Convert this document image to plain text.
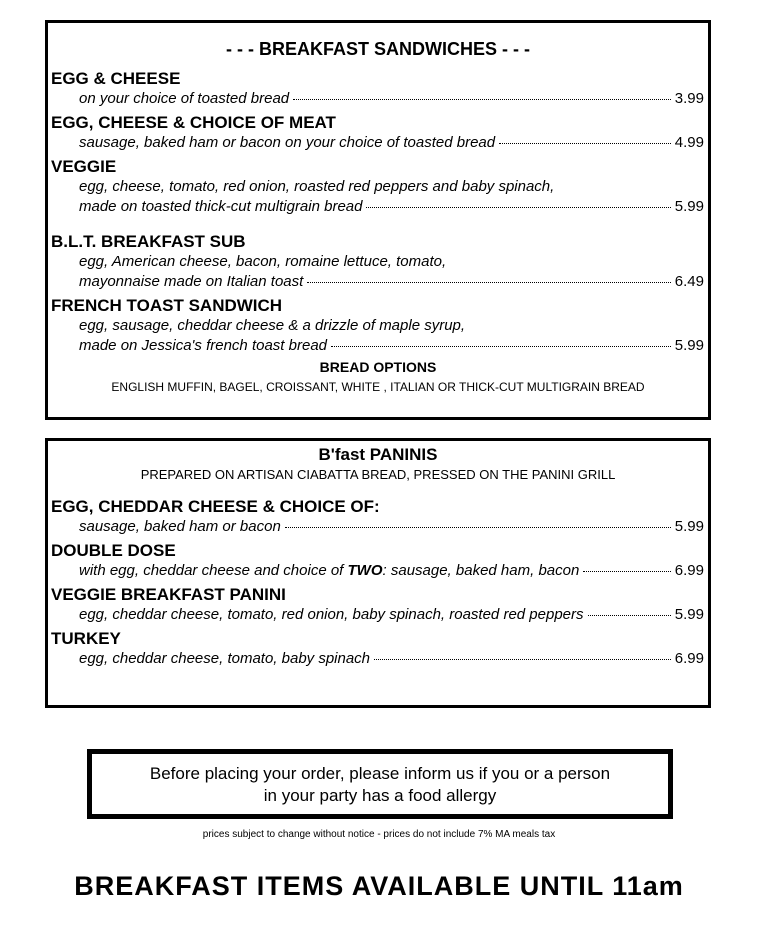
- - - BREAKFAST SANDWICHES - - -
EGG & CHEESE
on your choice of toasted bread	3.99
EGG, CHEESE & CHOICE OF MEAT
sausage, baked ham or bacon on your choice of toasted bread	4.99
VEGGIE
egg, cheese, tomato, red onion, roasted red peppers and baby spinach,
made on toasted thick-cut multigrain bread	5.99
B.L.T. BREAKFAST SUB
egg, American cheese, bacon, romaine lettuce, tomato,
mayonnaise made on Italian toast	6.49
FRENCH TOAST SANDWICH
egg, sausage, cheddar cheese & a drizzle of maple syrup,
made on Jessica's french toast bread	5.99
BREAD OPTIONS
ENGLISH MUFFIN, BAGEL, CROISSANT, WHITE , ITALIAN OR THICK-CUT MULTIGRAIN BREAD
B'fast PANINIS
PREPARED ON ARTISAN CIABATTA BREAD, PRESSED ON THE PANINI GRILL
EGG, CHEDDAR CHEESE & CHOICE OF:
sausage, baked ham or bacon	5.99
DOUBLE DOSE
with egg, cheddar cheese and choice of TWO: sausage, baked ham, bacon	6.99
VEGGIE BREAKFAST PANINI
egg, cheddar cheese, tomato, red onion, baby spinach, roasted red peppers	5.99
TURKEY
egg, cheddar cheese, tomato, baby spinach	6.99
Before placing your order, please inform us if you or a person
in your party has a food allergy
prices subject to change without notice - prices do not include 7% MA meals tax
BREAKFAST ITEMS AVAILABLE UNTIL 11am
